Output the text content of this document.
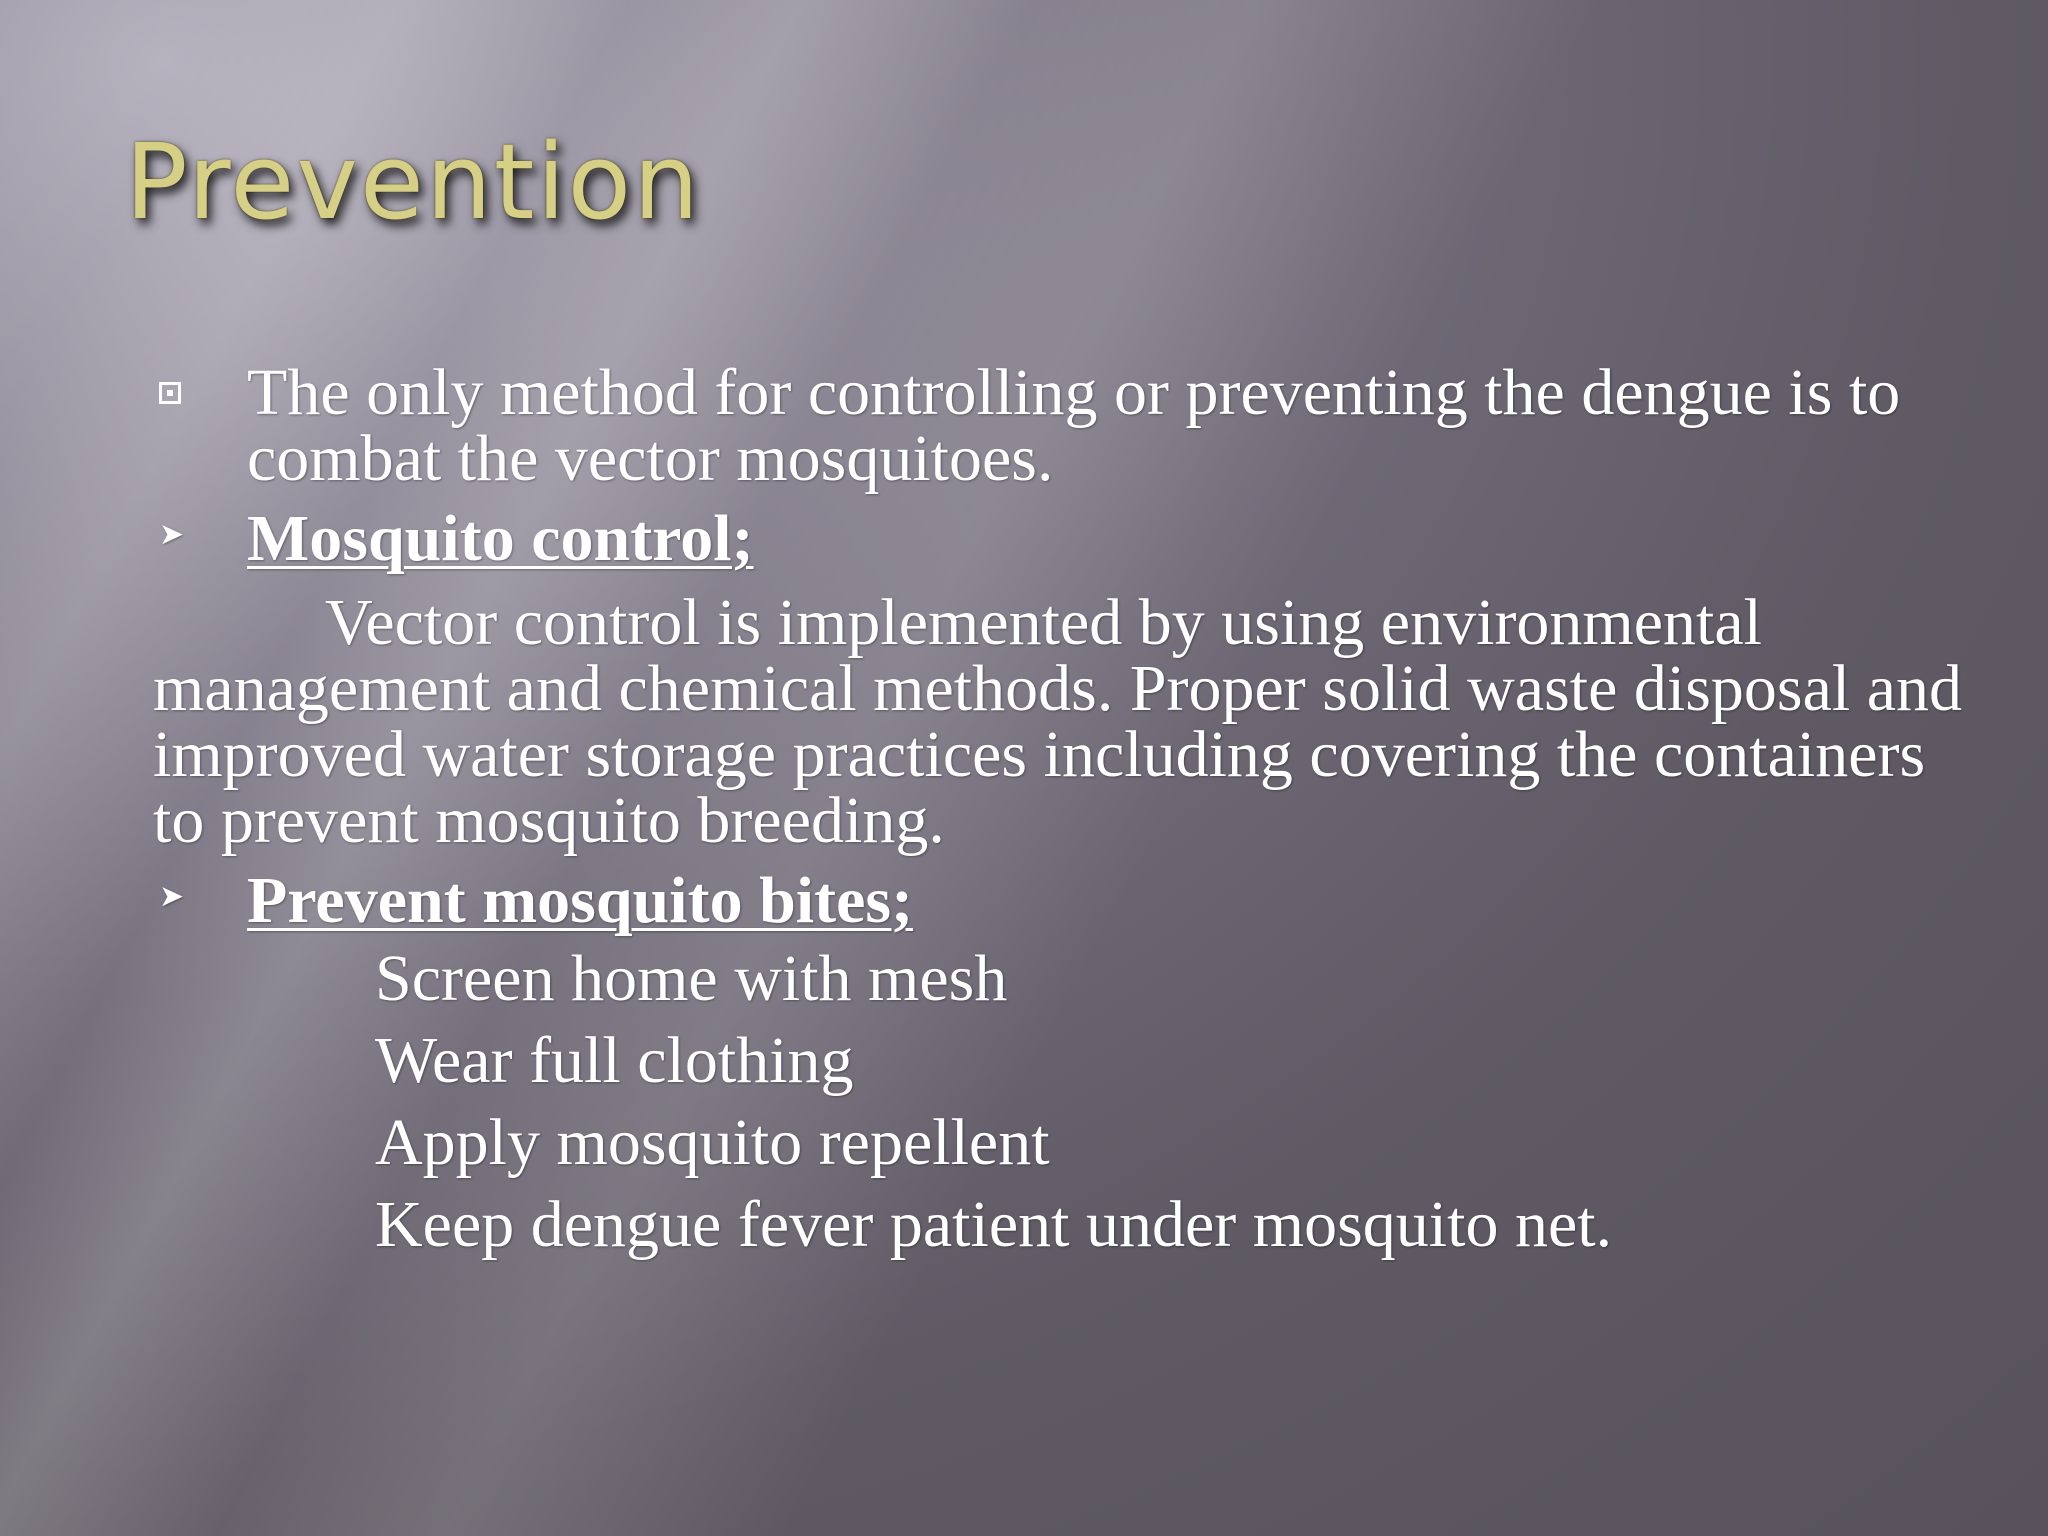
Prevention
The only method for controlling or preventing the dengue is to combat the vector mosquitoes.
➤ Mosquito control;
Vector control is implemented by using environmental management and chemical methods. Proper solid waste disposal and improved water storage practices including covering the containers to prevent mosquito breeding.
➤ Prevent mosquito bites;
Screen home with mesh
Wear full clothing
Apply mosquito repellent
Keep dengue fever patient under mosquito net.
